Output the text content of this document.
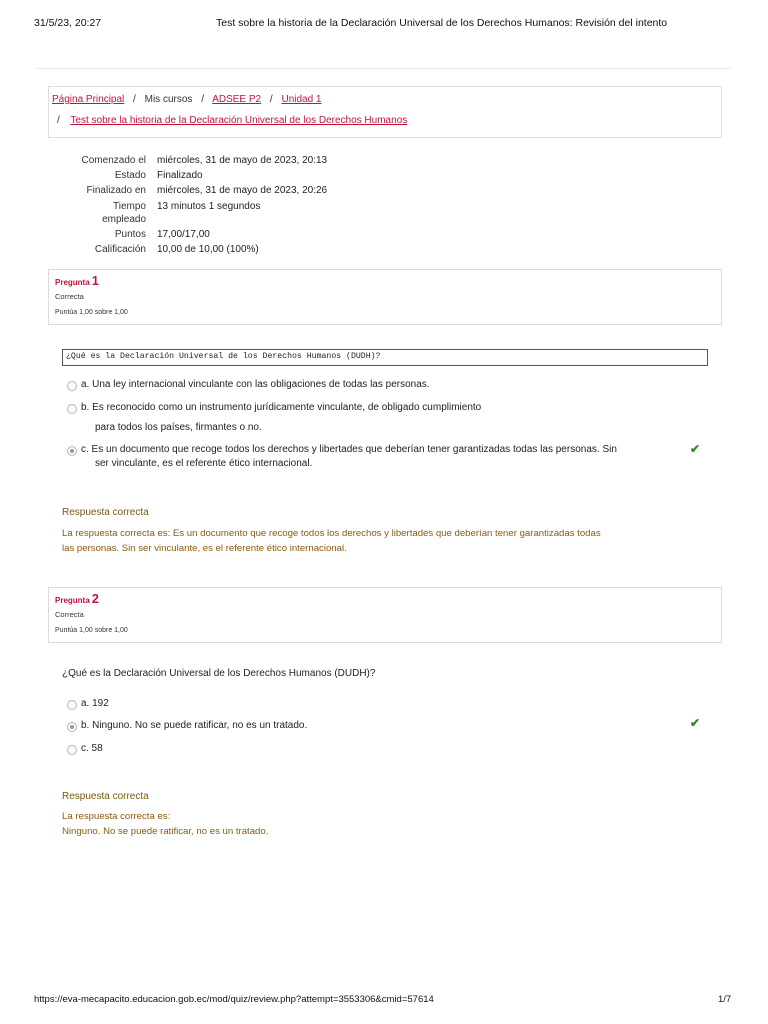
31/5/23, 20:27	Test sobre la historia de la Declaración Universal de los Derechos Humanos: Revisión del intento
Página Principal / Mis cursos / ADSEE P2 / Unidad 1
/ Test sobre la historia de la Declaración Universal de los Derechos Humanos
Comenzado el miércoles, 31 de mayo de 2023, 20:13
Estado Finalizado
Finalizado en miércoles, 31 de mayo de 2023, 20:26
Tiempo
empleado
13 minutos 1 segundos
Puntos 17,00/17,00
Calificación 10,00 de 10,00 (100%)
Pregunta 1
Correcta
Puntúa 1,00 sobre 1,00
¿Qué es la Declaración Universal de los Derechos Humanos (DUDH)?
a. Una ley internacional vinculante con las obligaciones de todas las personas.
b. Es reconocido como un instrumento jurídicamente vinculante, de obligado cumplimiento
para todos los países, firmantes o no.
c. Es un documento que recoge todos los derechos y libertades que deberían tener garantizadas todas las personas. Sin
ser vinculante, es el referente ético internacional.
✔
Respuesta correcta
La respuesta correcta es: Es un documento que recoge todos los derechos y libertades que deberían tener garantizadas todas
las personas. Sin ser vinculante, es el referente ético internacional.
Pregunta 2
Correcta
Puntúa 1,00 sobre 1,00
¿Qué es la Declaración Universal de los Derechos Humanos (DUDH)?
a. 192
b. Ninguno. No se puede ratificar, no es un tratado.	✔
c. 58
Respuesta correcta
La respuesta correcta es:
Ninguno. No se puede ratificar, no es un tratado.
https://eva-mecapacito.educacion.gob.ec/mod/quiz/review.php?attempt=3553306&cmid=57614	1/7
